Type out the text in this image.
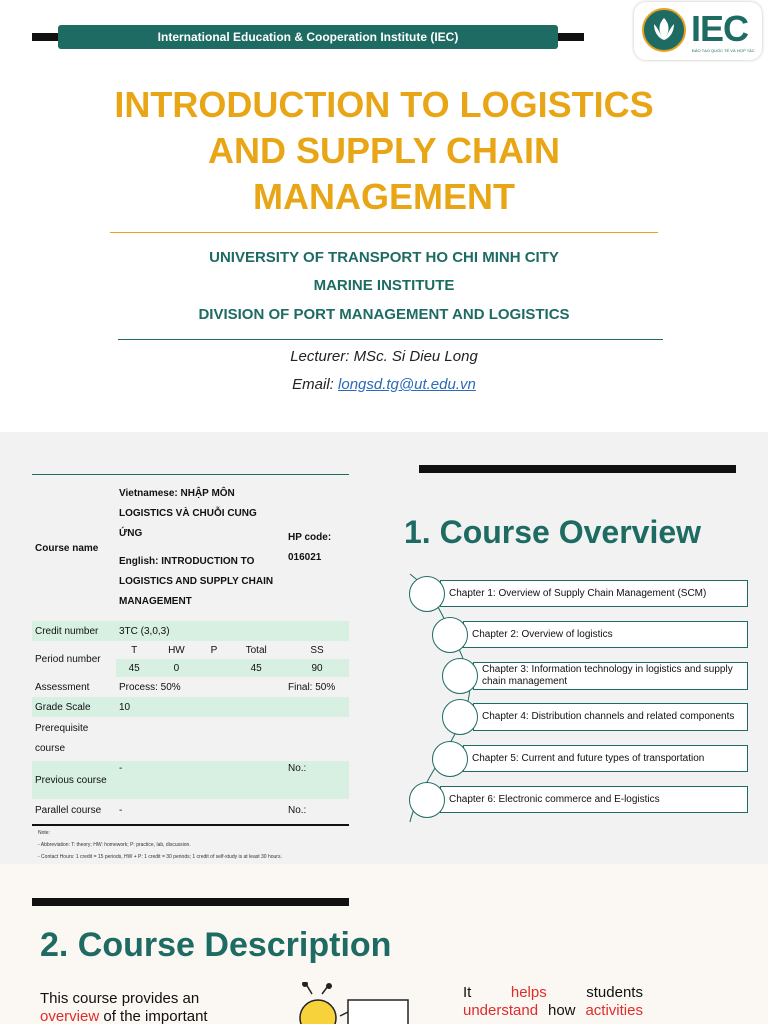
International Education & Cooperation Institute (IEC)	IEC
ĐÀO TẠO QUỐC TẾ VÀ HỢP TÁC
INTRODUCTION TO LOGISTICS
AND SUPPLY CHAIN
MANAGEMENT
UNIVERSITY OF TRANSPORT HO CHI MINH CITY
MARINE INSTITUTE
DIVISION OF PORT MANAGEMENT AND LOGISTICS
Lecturer: MSc. Si Dieu Long
Email: longsd.tg@ut.edu.vn
Course name	Vietnamese: NHẬP MÔN LOGISTICS VÀ CHUỖI CUNG ỨNG
English: INTRODUCTION TO LOGISTICS AND SUPPLY CHAIN MANAGEMENT				HP code: 016021
Credit number	3TC (3,0,3)				
Period number	T	HW	P	Total	SS
	45	0		45	90
Assessment	Process: 50%				Final: 50%
Grade Scale	10				
Prerequisite course					
Previous course	-				No.:
Parallel course	-				No.:
Note:
- Abbreviation: T: theory; HW: homework; P: practice, lab, discussion.
- Contact Hours: 1 credit = 15 periods, HW + P: 1 credit = 30 periods; 1 credit of self-study is at least 30 hours.
1. Course Overview
Chapter 1: Overview of Supply Chain Management (SCM)
Chapter 2: Overview of logistics
Chapter 3: Information technology in logistics and supply chain management
Chapter 4: Distribution channels and related components
Chapter 5: Current and future types of transportation
Chapter 6: Electronic commerce and E-logistics
2. Course Description
This course provides an
overview of the important
It	helps	students
understand how activities
